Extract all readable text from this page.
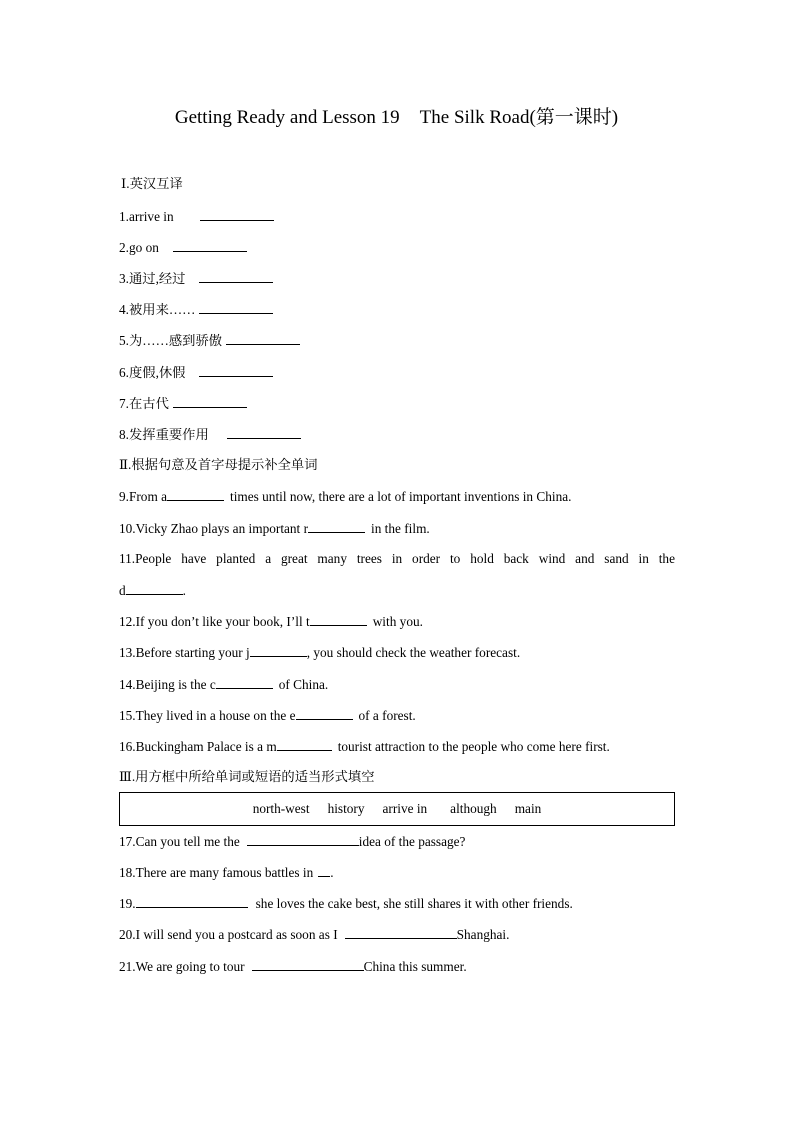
Getting Ready and Lesson 19 The Silk Road(第一课时)
Ⅰ.英汉互译
1.arrive in
2.go on
3.通过,经过
4.被用来……
5.为……感到骄傲
6.度假,休假
7.在古代
8.发挥重要作用
Ⅱ.根据句意及首字母提示补全单词
9.From a	times until now, there are a lot of important inventions in China.
10.Vicky Zhao plays an important r	in the film.
11.People have planted a great many trees in order to hold back wind and sand in the
d	.
12.If you don’t like your book, I’ll t	with you.
13.Before starting your j	, you should check the weather forecast.
14.Beijing is the c	of China.
15.They lived in a house on the e	of a forest.
16.Buckingham Palace is a m	tourist attraction to the people who come here first.
Ⅲ.用方框中所给单词或短语的适当形式填空
north-west history arrive in although main
17.Can you tell me the	idea of the passage?
18.There are many famous battles in .
19.	she loves the cake best, she still shares it with other friends.
20.I will send you a postcard as soon as I	Shanghai.
21.We are going to tour	China this summer.
